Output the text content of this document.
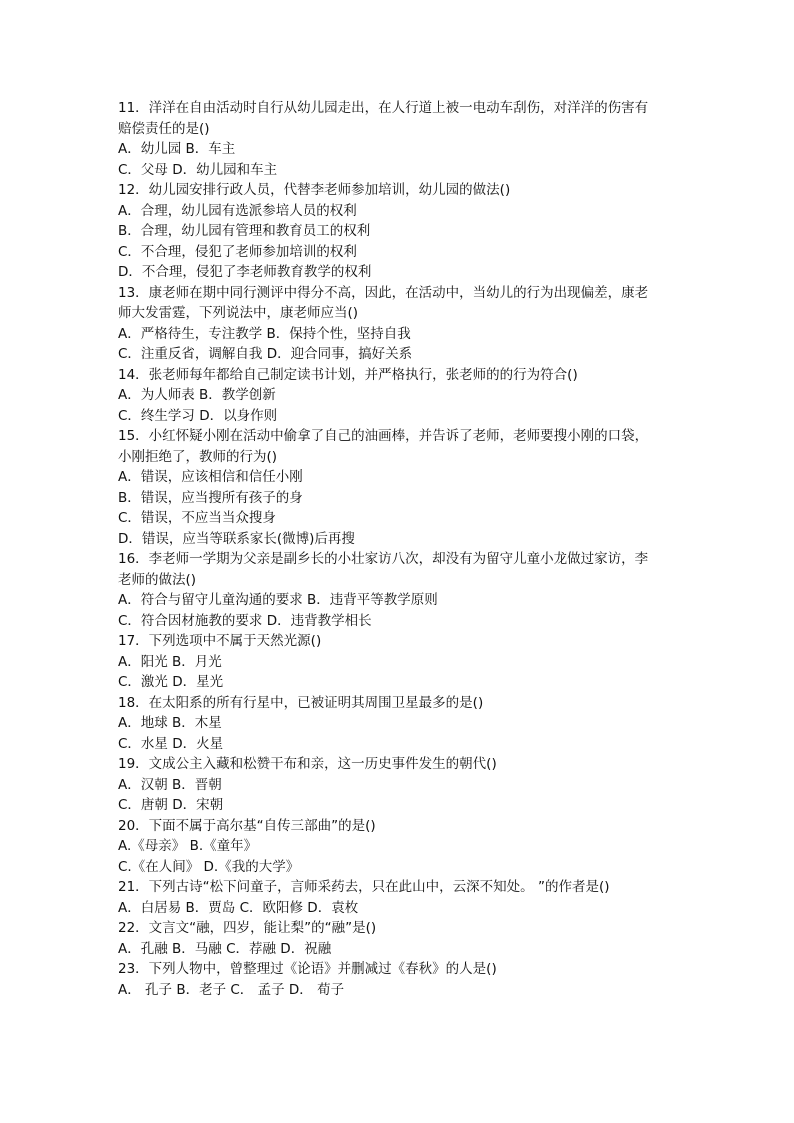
11．洋洋在自由活动时自行从幼儿园走出，在人行道上被一电动车刮伤，对洋洋的伤害有
赔偿责任的是()
A．幼儿园 B．车主
C．父母 D．幼儿园和车主
12．幼儿园安排行政人员，代替李老师参加培训，幼儿园的做法()
A．合理，幼儿园有选派参培人员的权利
B．合理，幼儿园有管理和教育员工的权利
C．不合理，侵犯了老师参加培训的权利
D．不合理，侵犯了李老师教育教学的权利
13．康老师在期中同行测评中得分不高，因此，在活动中，当幼儿的行为出现偏差，康老
师大发雷霆，下列说法中，康老师应当()
A．严格待生，专注教学 B．保持个性，坚持自我
C．注重反省，调解自我 D．迎合同事，搞好关系
14．张老师每年都给自己制定读书计划，并严格执行，张老师的的行为符合()
A．为人师表 B．教学创新
C．终生学习 D．以身作则
15．小红怀疑小刚在活动中偷拿了自己的油画棒，并告诉了老师，老师要搜小刚的口袋，
小刚拒绝了，教师的行为()
A．错误，应该相信和信任小刚
B．错误，应当搜所有孩子的身
C．错误，不应当当众搜身
D．错误，应当等联系家长(微博)后再搜
16．李老师一学期为父亲是副乡长的小壮家访八次，却没有为留守儿童小龙做过家访，李
老师的做法()
A．符合与留守儿童沟通的要求 B．违背平等教学原则
C．符合因材施教的要求 D．违背教学相长
17．下列选项中不属于天然光源()
A．阳光 B．月光
C．激光 D．星光
18．在太阳系的所有行星中，已被证明其周围卫星最多的是()
A．地球 B．木星
C．水星 D．火星
19．文成公主入藏和松赞干布和亲，这一历史事件发生的朝代()
A．汉朝 B．晋朝
C．唐朝 D．宋朝
20．下面不属于高尔基“自传三部曲”的是()
A.《母亲》 B.《童年》
C.《在人间》 D.《我的大学》
21．下列古诗“松下问童子，言师采药去，只在此山中，云深不知处。 ”的作者是()
A．白居易 B．贾岛 C．欧阳修 D．袁枚
22．文言文“融，四岁，能让梨”的“融”是()
A．孔融 B．马融 C．荐融 D．祝融
23．下列人物中，曾整理过《论语》并删减过《春秋》的人是()
A． 孔子 B．老子 C． 孟子 D． 荀子
